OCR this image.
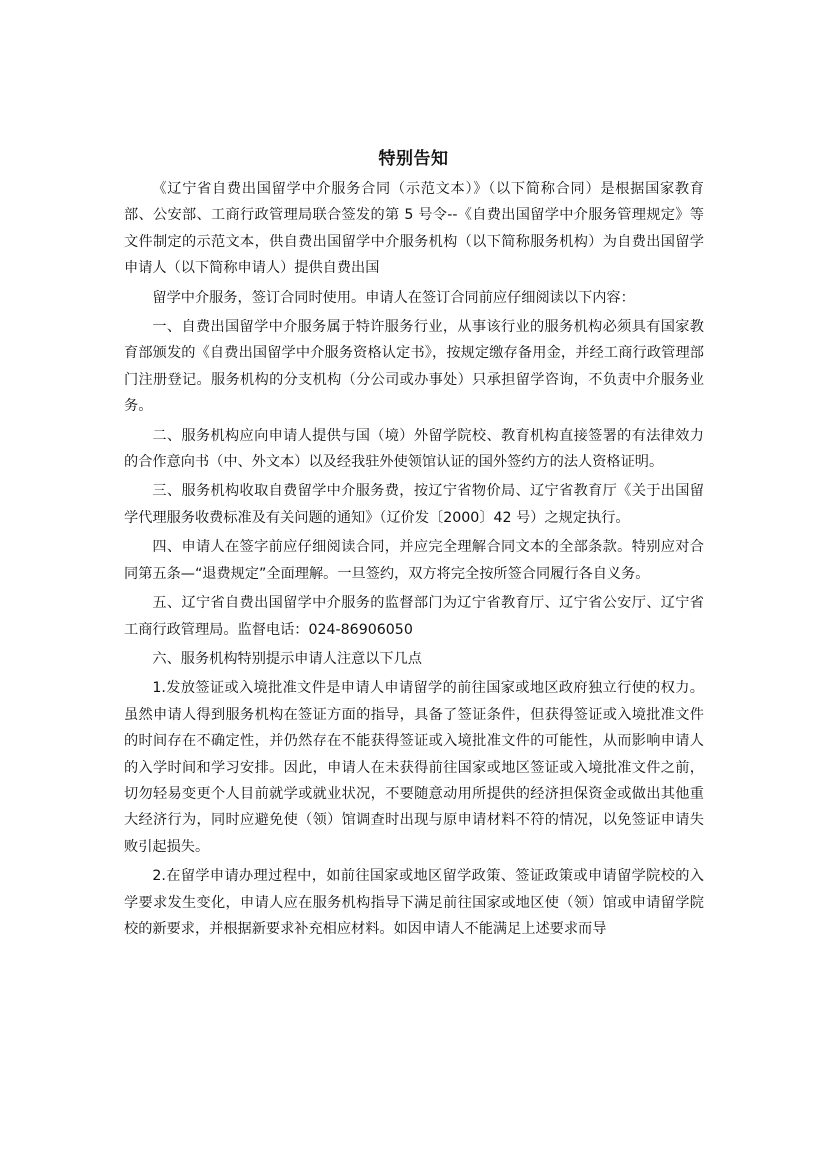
特别告知

《辽宁省自费出国留学中介服务合同（示范文本）》（以下简称合同）是根据国家教育部、公安部、工商行政管理局联合签发的第 5 号令--《自费出国留学中介服务管理规定》等文件制定的示范文本，供自费出国留学中介服务机构（以下简称服务机构）为自费出国留学申请人（以下简称申请人）提供自费出国

留学中介服务，签订合同时使用。申请人在签订合同前应仔细阅读以下内容：

一、自费出国留学中介服务属于特许服务行业，从事该行业的服务机构必须具有国家教育部颁发的《自费出国留学中介服务资格认定书》，按规定缴存备用金，并经工商行政管理部门注册登记。服务机构的分支机构（分公司或办事处）只承担留学咨询，不负责中介服务业务。

二、服务机构应向申请人提供与国（境）外留学院校、教育机构直接签署的有法律效力的合作意向书（中、外文本）以及经我驻外使领馆认证的国外签约方的法人资格证明。

三、服务机构收取自费留学中介服务费，按辽宁省物价局、辽宁省教育厅《关于出国留学代理服务收费标准及有关问题的通知》（辽价发〔2000〕42 号）之规定执行。

四、申请人在签字前应仔细阅读合同，并应完全理解合同文本的全部条款。特别应对合同第五条—“退费规定”全面理解。一旦签约，双方将完全按所签合同履行各自义务。

五、辽宁省自费出国留学中介服务的监督部门为辽宁省教育厅、辽宁省公安厅、辽宁省工商行政管理局。监督电话：024-86906050

六、服务机构特别提示申请人注意以下几点

1.发放签证或入境批准文件是申请人申请留学的前往国家或地区政府独立行使的权力。虽然申请人得到服务机构在签证方面的指导，具备了签证条件，但获得签证或入境批准文件的时间存在不确定性，并仍然存在不能获得签证或入境批准文件的可能性，从而影响申请人的入学时间和学习安排。因此，申请人在未获得前往国家或地区签证或入境批准文件之前，切勿轻易变更个人目前就学或就业状况，不要随意动用所提供的经济担保资金或做出其他重大经济行为，同时应避免使（领）馆调查时出现与原申请材料不符的情况，以免签证申请失败引起损失。

2.在留学申请办理过程中，如前往国家或地区留学政策、签证政策或申请留学院校的入学要求发生变化，申请人应在服务机构指导下满足前往国家或地区使（领）馆或申请留学院校的新要求，并根据新要求补充相应材料。如因申请人不能满足上述要求而导
